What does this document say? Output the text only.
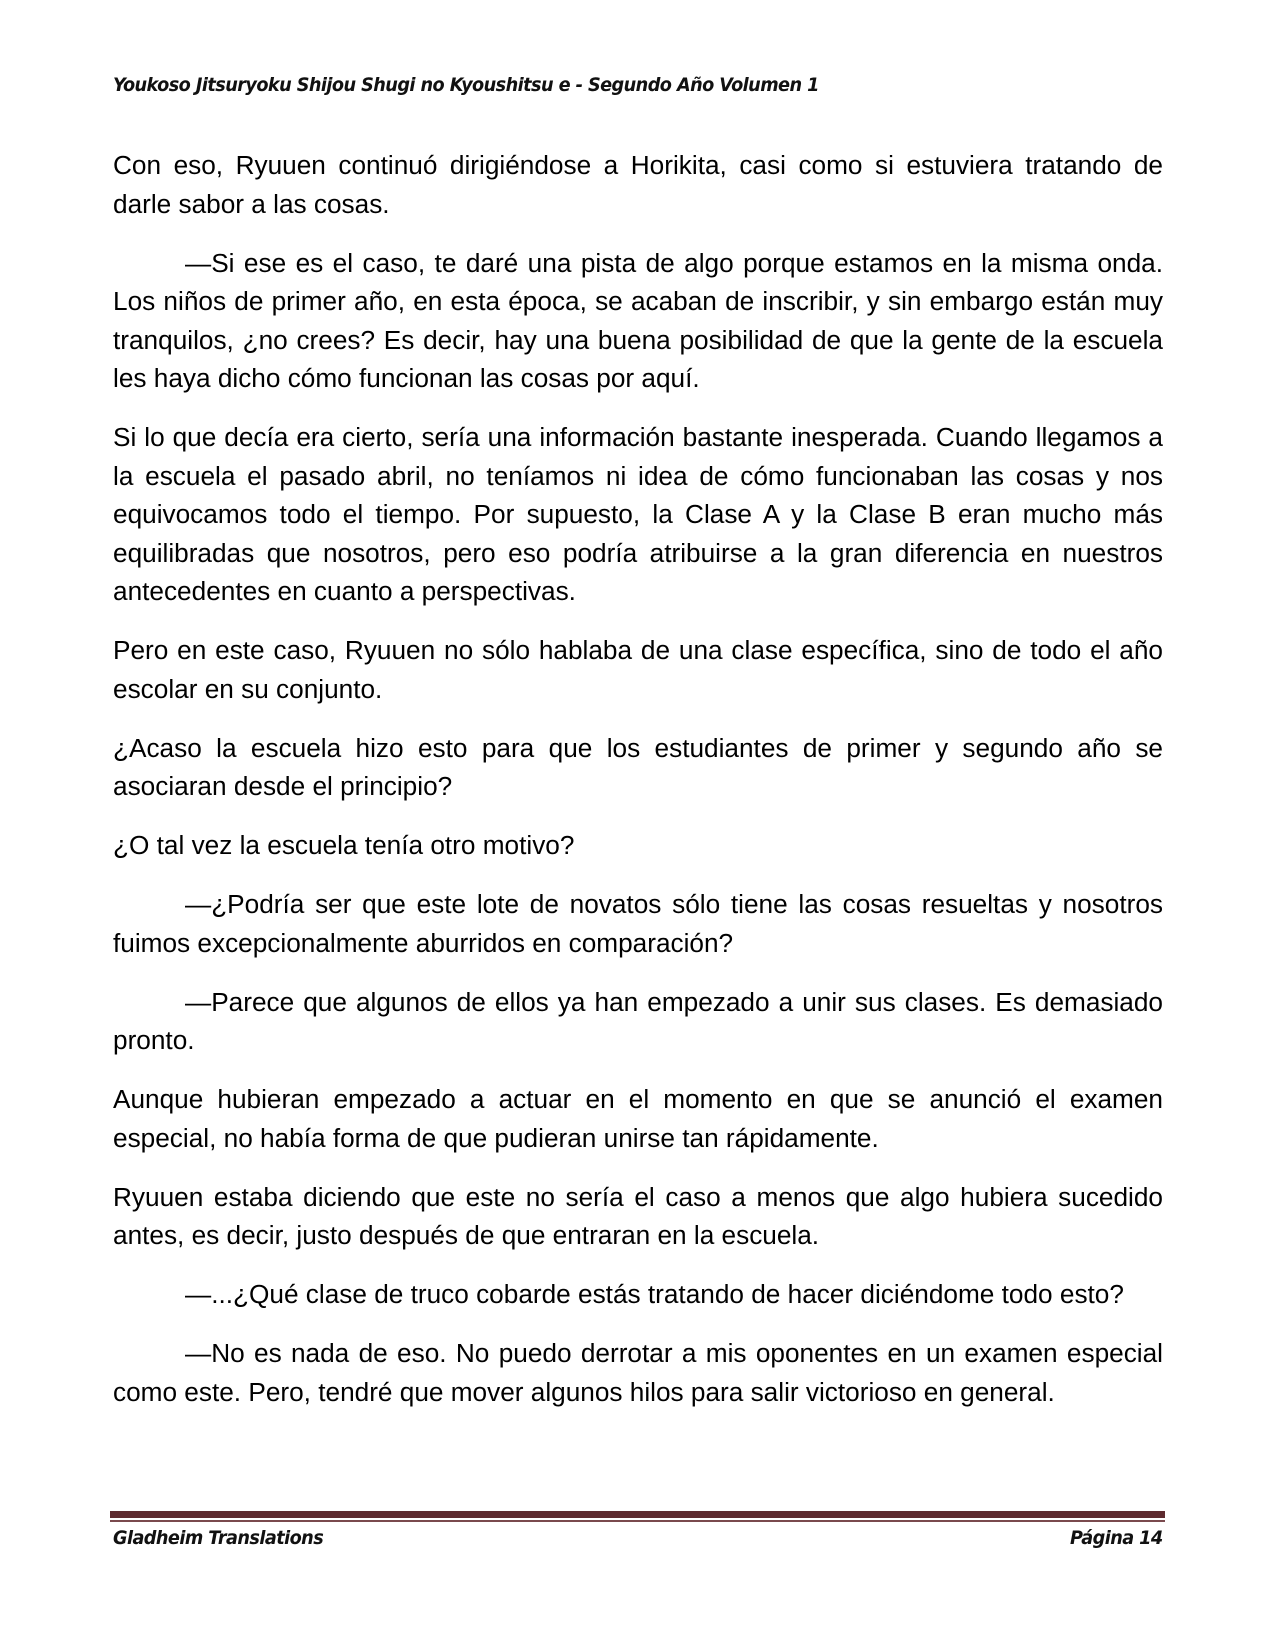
Youkoso Jitsuryoku Shijou Shugi no Kyoushitsu e - Segundo Año Volumen 1

Con eso, Ryuuen continuó dirigiéndose a Horikita, casi como si estuviera tratando de darle sabor a las cosas.

—Si ese es el caso, te daré una pista de algo porque estamos en la misma onda. Los niños de primer año, en esta época, se acaban de inscribir, y sin embargo están muy tranquilos, ¿no crees? Es decir, hay una buena posibilidad de que la gente de la escuela les haya dicho cómo funcionan las cosas por aquí.

Si lo que decía era cierto, sería una información bastante inesperada. Cuando llegamos a la escuela el pasado abril, no teníamos ni idea de cómo funcionaban las cosas y nos equivocamos todo el tiempo. Por supuesto, la Clase A y la Clase B eran mucho más equilibradas que nosotros, pero eso podría atribuirse a la gran diferencia en nuestros antecedentes en cuanto a perspectivas.

Pero en este caso, Ryuuen no sólo hablaba de una clase específica, sino de todo el año escolar en su conjunto.

¿Acaso la escuela hizo esto para que los estudiantes de primer y segundo año se asociaran desde el principio?

¿O tal vez la escuela tenía otro motivo?

—¿Podría ser que este lote de novatos sólo tiene las cosas resueltas y nosotros fuimos excepcionalmente aburridos en comparación?

—Parece que algunos de ellos ya han empezado a unir sus clases. Es demasiado pronto.

Aunque hubieran empezado a actuar en el momento en que se anunció el examen especial, no había forma de que pudieran unirse tan rápidamente.

Ryuuen estaba diciendo que este no sería el caso a menos que algo hubiera sucedido antes, es decir, justo después de que entraran en la escuela.

—...¿Qué clase de truco cobarde estás tratando de hacer diciéndome todo esto?

—No es nada de eso. No puedo derrotar a mis oponentes en un examen especial como este. Pero, tendré que mover algunos hilos para salir victorioso en general.

Gladheim Translations	Página 14
